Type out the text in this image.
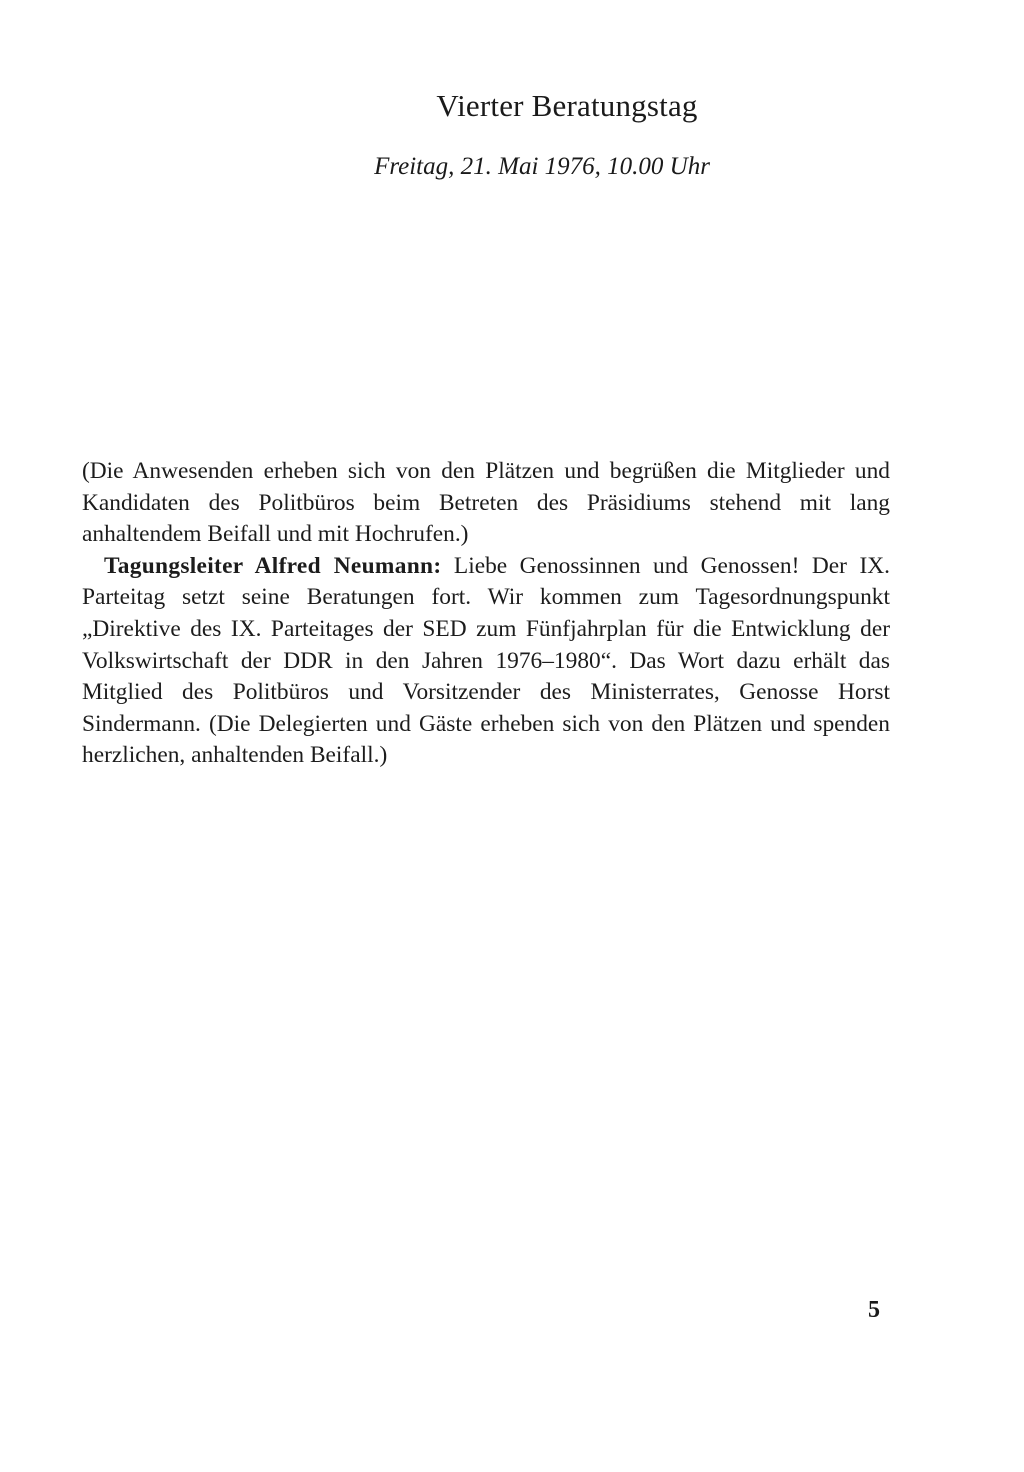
Vierter Beratungstag
Freitag, 21. Mai 1976, 10.00 Uhr

(Die Anwesenden erheben sich von den Plätzen und begrüßen die Mitglieder und Kandidaten des Politbüros beim Betreten des Präsidiums stehend mit lang anhaltendem Beifall und mit Hochrufen.)

Tagungsleiter Alfred Neumann: Liebe Genossinnen und Genossen! Der IX. Parteitag setzt seine Beratungen fort. Wir kommen zum Tagesordnungspunkt „Direktive des IX. Parteitages der SED zum Fünfjahrplan für die Entwicklung der Volkswirtschaft der DDR in den Jahren 1976–1980“. Das Wort dazu erhält das Mitglied des Politbüros und Vorsitzender des Ministerrates, Genosse Horst Sindermann. (Die Delegierten und Gäste erheben sich von den Plätzen und spenden herzlichen, anhaltenden Beifall.)

5
